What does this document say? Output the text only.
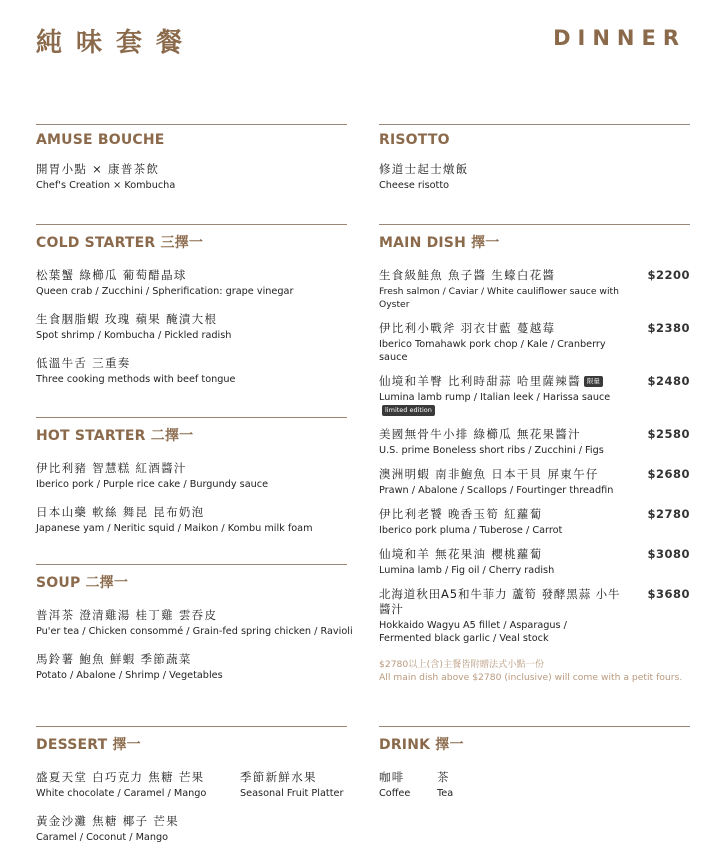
純味套餐	DINNER
AMUSE BOUCHE
開胃小點 × 康普茶飲
Chef's Creation × Kombucha
RISOTTO
修道士起士燉飯
Cheese risotto
COLD STARTER 三擇一
松葉蟹 綠櫛瓜 葡萄醋晶球
Queen crab / Zucchini / Spherification: grape vinegar
生食胭脂蝦 玫瑰 蘋果 醃漬大根
Spot shrimp / Kombucha / Pickled radish
低溫牛舌 三重奏
Three cooking methods with beef tongue
HOT STARTER 二擇一
伊比利豬 智慧糕 紅酒醬汁
Iberico pork / Purple rice cake / Burgundy sauce
日本山藥 軟絲 舞昆 昆布奶泡
Japanese yam / Neritic squid / Maikon / Kombu milk foam
SOUP 二擇一
普洱茶 澄清雞湯 桂丁雞 雲吞皮
Pu'er tea / Chicken consommé / Grain-fed spring chicken / Ravioli
馬鈴薯 鮑魚 鮮蝦 季節蔬菜
Potato / Abalone / Shrimp / Vegetables
MAIN DISH 擇一
生食級鮭魚 魚子醬 生蠔白花醬
Fresh salmon / Caviar / White cauliflower sauce with Oyster
$2200
伊比利小戰斧 羽衣甘藍 蔓越莓
Iberico Tomahawk pork chop / Kale / Cranberry sauce
$2380
仙境和羊臀 比利時甜蒜 哈里薩辣醬 限量
Lumina lamb rump / Italian leek / Harissa saucelimited edition
$2480
美國無骨牛小排 綠櫛瓜 無花果醬汁
U.S. prime Boneless short ribs / Zucchini / Figs
$2580
澳洲明蝦 南非鮑魚 日本干貝 屏東午仔
Prawn / Abalone / Scallops / Fourtinger threadfin
$2680
伊比利老饕 晚香玉筍 紅蘿蔔
Iberico pork pluma / Tuberose / Carrot
$2780
仙境和羊 無花果油 櫻桃蘿蔔
Lumina lamb / Fig oil / Cherry radish
$3080
北海道秋田A5和牛菲力 蘆筍 發酵黑蒜 小牛醬汁
Hokkaido Wagyu A5 fillet / Asparagus /
Fermented black garlic / Veal stock
$3680
$2780以上(含)主餐皆附贈法式小點一份
All main dish above $2780 (inclusive) will come with a petit fours.
DESSERT 擇一
盛夏天堂 白巧克力 焦糖 芒果
White chocolate / Caramel / Mango
季節新鮮水果
Seasonal Fruit Platter
黃金沙灘 焦糖 椰子 芒果
Caramel / Coconut / Mango
DRINK 擇一
咖啡
Coffee
茶
Tea
